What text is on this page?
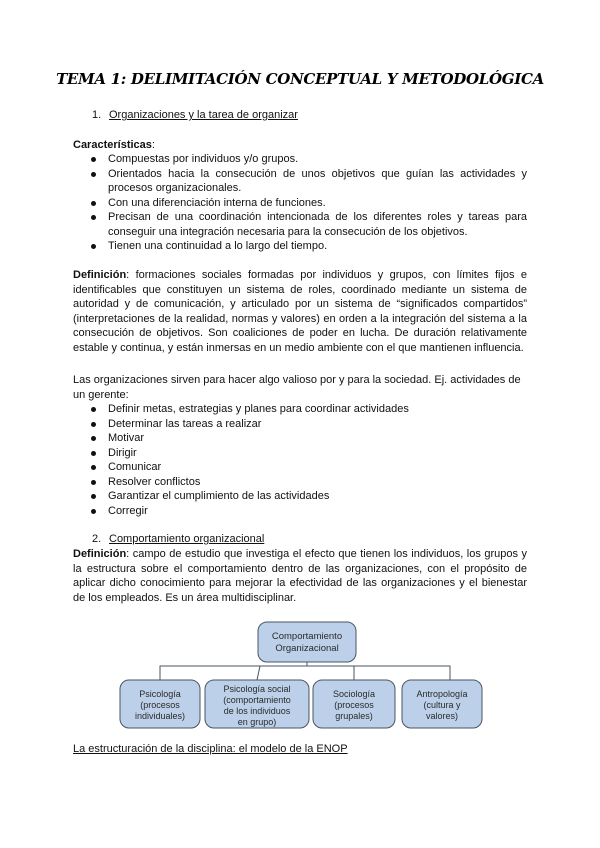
TEMA 1: DELIMITACIÓN CONCEPTUAL Y METODOLÓGICA
1. Organizaciones y la tarea de organizar
Características:
Compuestas por individuos y/o grupos.
Orientados hacia la consecución de unos objetivos que guían las actividades y procesos organizacionales.
Con una diferenciación interna de funciones.
Precisan de una coordinación intencionada de los diferentes roles y tareas para conseguir una integración necesaria para la consecución de los objetivos.
Tienen una continuidad a lo largo del tiempo.

Definición: formaciones sociales formadas por individuos y grupos, con límites fijos e identificables que constituyen un sistema de roles, coordinado mediante un sistema de autoridad y de comunicación, y articulado por un sistema de “significados compartidos” (interpretaciones de la realidad, normas y valores) en orden a la integración del sistema a la consecución de objetivos. Son coaliciones de poder en lucha. De duración relativamente estable y continua, y están inmersas en un medio ambiente con el que mantienen influencia.

Las organizaciones sirven para hacer algo valioso por y para la sociedad. Ej. actividades de un gerente:

Definir metas, estrategias y planes para coordinar actividades
Determinar las tareas a realizar
Motivar
Dirigir
Comunicar
Resolver conflictos
Garantizar el cumplimiento de las actividades
Corregir
2. Comportamiento organizacional

Definición: campo de estudio que investiga el efecto que tienen los individuos, los grupos y la estructura sobre el comportamiento dentro de las organizaciones, con el propósito de aplicar dicho conocimiento para mejorar la efectividad de las organizaciones y el bienestar de los empleados. Es un área multidisciplinar.

Comportamiento
Organizacional
Psicología
(procesos
individuales)
Psicología social
(comportamiento
de los individuos
en grupo)
Sociología
(procesos
grupales)
Antropología
(cultura y
valores)
La estructuración de la disciplina: el modelo de la ENOP
